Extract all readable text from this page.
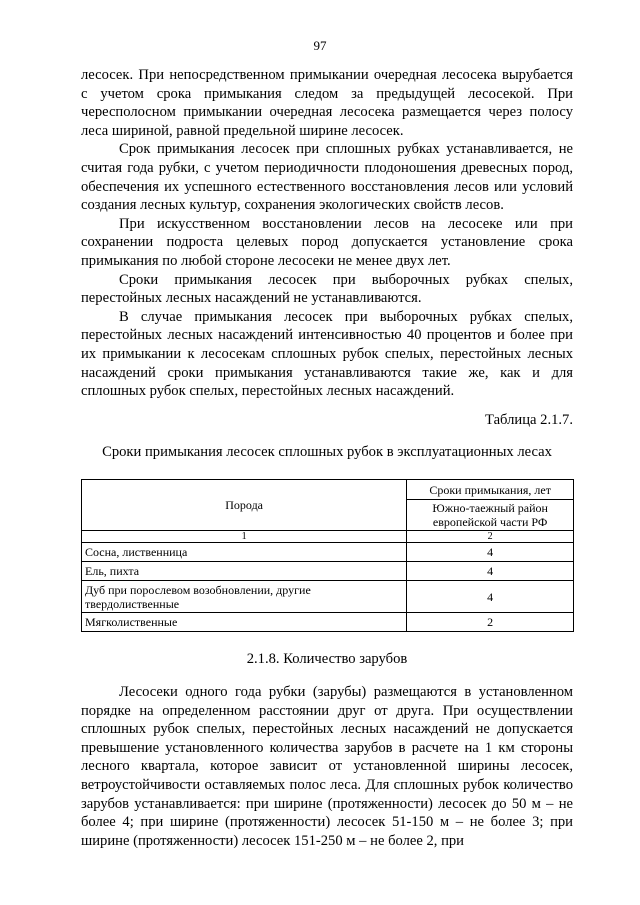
97

лесосек. При непосредственном примыкании очередная лесосека вырубается с учетом срока примыкания следом за предыдущей лесосекой. При чересполосном примыкании очередная лесосека размещается через полосу леса шириной, равной предельной ширине лесосек.

Срок примыкания лесосек при сплошных рубках устанавливается, не считая года рубки, с учетом периодичности плодоношения древесных пород, обеспечения их успешного естественного восстановления лесов или условий создания лесных культур, сохранения экологических свойств лесов.

При искусственном восстановлении лесов на лесосеке или при сохранении подроста целевых пород допускается установление срока примыкания по любой стороне лесосеки не менее двух лет.

Сроки примыкания лесосек при выборочных рубках спелых, перестойных лесных насаждений не устанавливаются.

В случае примыкания лесосек при выборочных рубках спелых, перестойных лесных насаждений интенсивностью 40 процентов и более при их примыкании к лесосекам сплошных рубок спелых, перестойных лесных насаждений сроки примыкания устанавливаются такие же, как и для сплошных рубок спелых, перестойных лесных насаждений.

Таблица 2.1.7.
Сроки примыкания лесосек сплошных рубок в эксплуатационных лесах
Порода	Сроки примыкания, лет
	Южно-таежный район европейской части РФ
1	2
Сосна, лиственница	4
Ель, пихта	4
Дуб при порослевом возобновлении, другие твердолиственные	4
Мягколиственные	2
2.1.8. Количество зарубов

Лесосеки одного года рубки (зарубы) размещаются в установленном порядке на определенном расстоянии друг от друга. При осуществлении сплошных рубок спелых, перестойных лесных насаждений не допускается превышение установленного количества зарубов в расчете на 1 км стороны лесного квартала, которое зависит от установленной ширины лесосек, ветроустойчивости оставляемых полос леса. Для сплошных рубок количество зарубов устанавливается: при ширине (протяженности) лесосек до 50 м – не более 4; при ширине (протяженности) лесосек 51-150 м – не более 3; при ширине (протяженности) лесосек 151-250 м – не более 2, при
